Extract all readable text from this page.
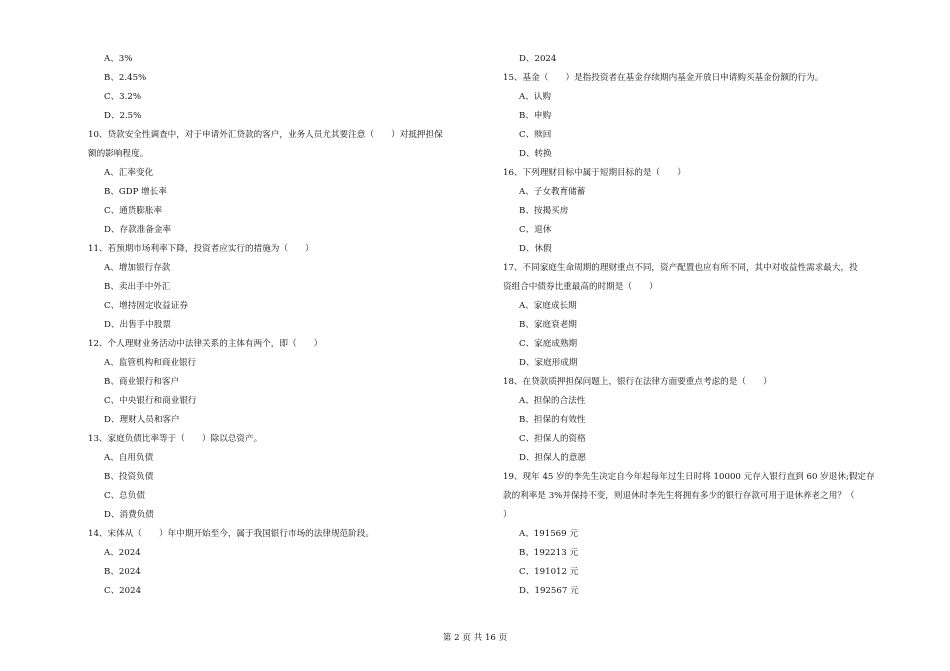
A、3%
B、2.45%
C、3.2%
D、2.5%
10、贷款安全性调查中，对于申请外汇贷款的客户，业务人员尤其要注意（　　）对抵押担保
额的影响程度。
A、汇率变化
B、GDP 增长率
C、通货膨胀率
D、存款准备金率
11、若预期市场利率下降，投资者应实行的措施为（　　）
A、增加银行存款
B、卖出手中外汇
C、增持固定收益证券
D、出售手中股票
12、个人理财业务活动中法律关系的主体有两个，即（　　）
A、监管机构和商业银行
B、商业银行和客户
C、中央银行和商业银行
D、理财人员和客户
13、家庭负债比率等于（　　）除以总资产。
A、自用负债
B、投资负债
C、总负债
D、消费负债
14、宋体从（　　）年中期开始至今，属于我国银行市场的法律规范阶段。
A、2024
B、2024
C、2024
D、2024
15、基金（　　）是指投资者在基金存续期内基金开放日申请购买基金份额的行为。
A、认购
B、申购
C、赎回
D、转换
16、下列理财目标中属于短期目标的是（　　）
A、子女教育储蓄
B、按揭买房
C、退休
D、休假
17、不同家庭生命周期的理财重点不同，资产配置也应有所不同，其中对收益性需求最大，投
资组合中债券比重最高的时期是（　　）
A、家庭成长期
B、家庭衰老期
C、家庭成熟期
D、家庭形成期
18、在贷款质押担保问题上，银行在法律方面要重点考虑的是（　　）
A、担保的合法性
B、担保的有效性
C、担保人的资格
D、担保人的意愿
19、现年 45 岁的李先生决定自今年起每年过生日时将 10000 元存入银行直到 60 岁退休;假定存
款的利率是 3%并保持不变，则退休时李先生将拥有多少的银行存款可用于退休养老之用？（
）
A、191569 元
B、192213 元
C、191012 元
D、192567 元
第 2 页 共 16 页
